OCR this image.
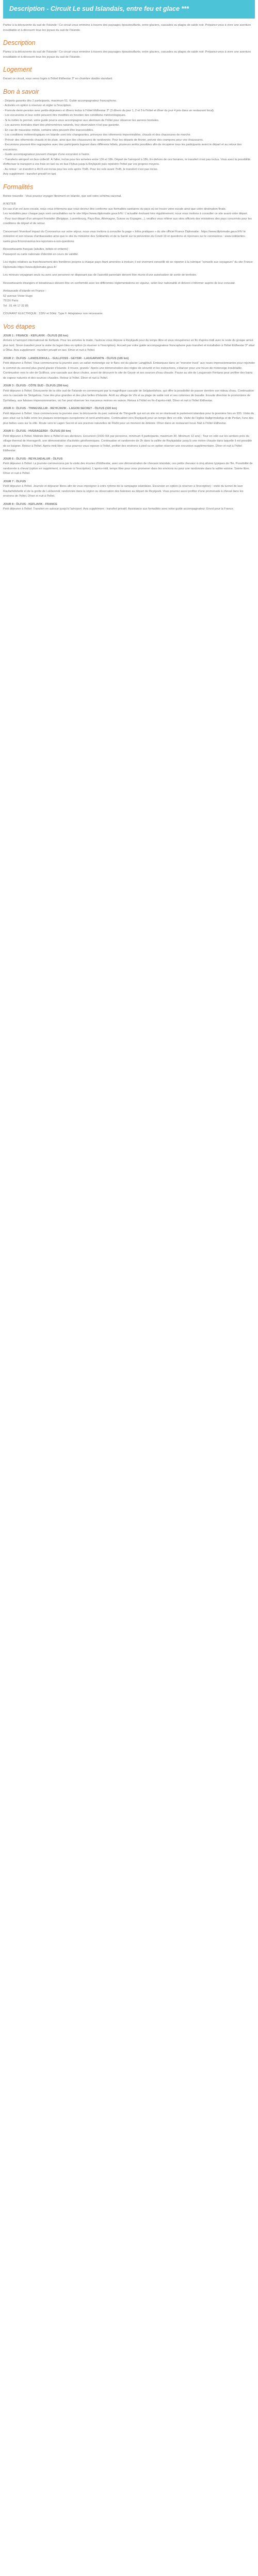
Description - Circuit Le sud Islandais, entre feu et glace ***

Partez à la découverte du sud de l'Islande ! Ce circuit vous emmène à travers des paysages époustouflants, entre glaciers, cascades ou plages de sable noir. Préparez-vous à vivre une aventure inoubliable et à découvrir tous les joyaux du sud de l'Islande.

Description

Partez à la découverte du sud de l'Islande ! Ce circuit vous emmène à travers des paysages époustouflants, entre glaciers, cascades ou plages de sable noir. Préparez-vous à vivre une aventure inoubliable et à découvrir tous les joyaux du sud de l'Islande.

Logement

Durant ce circuit, vous serez logés à l'hôtel Eldhestar 3* en chambre double standard.

Bon à savoir
- Départs garantis dès 2 participants, maximum 51. Guide accompagnateur francophone.
- Activités en option à réserver et régler à l'inscription.
- Formule demi-pension avec petits-déjeuners et dîners inclus à l'hôtel Eldhestar 3* (3 dîners du jour 1, 2 et 3 à l'hôtel et dîner du jour 4 pris dans un restaurant local).
- Les excursions et leur ordre peuvent être modifiés en fonction des conditions météorologiques.
- Si la météo le permet, votre guide pourra vous accompagner aux alentours de l'hôtel pour observer les aurores boréales.
- Les aurores boréales étant des phénomènes naturels, leur observation n'est pas garantie.
- En cas de mauvaise météo, certains sites peuvent être inaccessibles.
- Les conditions météorologiques en Islande sont très changeantes, prévoyez des vêtements imperméables, chauds et des chaussures de marche.
- Prévoir des vêtements chauds et de pluie, ainsi que des chaussures de randonnée. Pour les départs de février, prévoir des crampons pour vos chaussures.
- Excursions pouvant être regroupées avec des participants logeant dans différents hôtels, plusieurs arrêts possibles afin de récupérer tous les participants avant le départ et au retour des excursions.
- Guide accompagnateur pouvant changer d'une excursion à l'autre.
- Transferts aéroport en bus collectif. À l'aller, inclus pour les arrivées entre 13h et 18h. Départ de l'aéroport à 18h. En dehors de ces horaires, le transfert n'est pas inclus. Vous avez la possibilité d'effectuer le transport à vos frais en taxi ou en bus Flybus jusqu'à Reykjavik puis rejoindre l'hôtel par vos propres moyens.
- Au retour : un transfert à 4h15 est inclus pour les vols après 7h45. Pour les vols avant 7h45, le transfert n'est pas inclus.
Avis supplément : transfert privatif en taxi.
Formalités

Bonne nouvelle : Vous pouvez voyager librement en Islande, que soit votre schéma vaccinal.

A NOTER
En cas d'un vol avec escale, nous vous informons que vous devrez être conforme aux formalités sanitaires du pays où se trouve votre escale ainsi que votre destination finale.
Les modalités pour chaque pays sont consultables sur le site https://www.diplomatie.gouv.fr/fr/. L'actualité évoluant très régulièrement, nous vous invitons à consulter ce site avant votre départ.
- Pour tout départ d'un aéroport frontalier (Belgique, Luxembourg, Pays-Bas, Allemagne, Suisse ou Espagne...), veuillez vous référer aux sites officiels des ministères des pays concernés pour les conditions de départ et de retour.

Concernant l'éventuel impact du Coronavirus sur votre séjour, nous vous invitons à consulter la page « Infos pratiques » du site officiel France Diplomatie : https://www.diplomatie.gouv.fr/fr/ le ministère et son réseau d'ambassades ainsi que le site du ministère des Solidarités et de la Santé sur la prévention du Covid-19 et questions et réponses sur le coronavirus : www.solidarites-sante.gouv.fr/coronavirus-les-reponses-a-vos-questions

Ressortissants français (adultes, bébés et enfants) :
Passeport ou carte nationale d'identité en cours de validité.

Les règles relatives au franchissement des frontières propres à chaque pays étant amenées à évoluer, il est vivement conseillé de se reporter à la rubrique "conseils aux voyageurs" du site France Diplomatie.https://www.diplomatie.gouv.fr/

Les mineurs voyageant seuls ou avec une personne ne disposant pas de l'autorité parentale doivent être munis d'une autorisation de sortie de territoire.

Ressortissants étrangers et binationaux doivent être en conformité avec les différentes réglementations en vigueur, selon leur nationalité et doivent s'informer auprès de leur consulat.

Ambassade d'Islande en France :
52 avenue Victor Hugo
75116 Paris
Tel : 01 44 17 32 85

COURANT ÉLECTRIQUE : 230V et 50Hz. Type F. Adaptateur non nécessaire.

Vos étapes

JOUR 1 : FRANCE - KEFLAVIK - ÖLFUS (95 km)
Arrivée à l'aéroport international de Keflavik. Pour les arrivées le matin, l'autocar vous dépose à Reykjavik pour du temps libre et vous récupérerez en fin d'après-midi avec le reste du groupe arrivé plus tard. Sinon transfert pour la visite du lagon bleu en option (à réserver à l'inscription). Accueil par votre guide accompagnateur francophone puis transfert et installation à l'hôtel Eldhestar 3* situé à Ölfus. Avis supplément : transfert privatif en taxi. Dîner et nuit à l'hôtel.

JOUR 2 : ÖLFUS - LANDSJOKULL - GULLFOSS - GEYSIR - LAUGARVATN - ÖLFUS (165 km)
Petit déjeuner à l'hôtel. Vous commencerez la journée avec un safari motoneige sur le flanc est du glacier Langjökull. Embarquez dans un "monster truck" aux roues impressionnantes pour rejoindre le sommet du second plus grand glacier d'Islande. Il trouve, grands ! Après une démonstration des règles de sécurité et les instructions, s'élancer pour une heure de motoneige inoubliable. Continuation vers le site de Gullfoss, une cascade aux deux chutes, avant de découvrir le site de Geysir et ses sources d'eau chaude. Pause au site de Laugarvatn Fontana pour profiter des bains de vapeur naturels et des sources chaudes. Retour à l'hôtel. Dîner et nuit à l'hôtel.

JOUR 3 : ÖLFUS - CÔTE SUD - ÖLFUS (290 km)
Petit déjeuner à l'hôtel. Découverte de la côte sud de l'Islande en commençant par la magnifique cascade de Seljalandsfoss, qui offre la possibilité de passer derrière son rideau d'eau. Continuation vers la cascade de Skógafoss, l'une des plus grandes et des plus belles d'Islande. Arrêt au village de Vík et sa plage de sable noir et ses colonnes de basalte. Ensuite direction le promontoire de Dyrhólaey, aux falaises impressionnantes, où l'on peut observer les macareux moines en saison. Retour à l'hôtel en fin d'après-midi. Dîner et nuit à l'hôtel Eldhestar.

JOUR 4 : ÖLFUS - THINGVELLIR - REYKJAVIK - LAGON SECRET - ÖLFUS (320 km)
Petit déjeuner à l'hôtel. Vous commencerez la journée avec la découverte du parc national de Thingvellir qui est un site où se réunissait le parlement islandais pour la première fois en 930. Visite du parc situé sur la faille entre les plaques tectoniques européenne et nord-américaine. Continuation vers Reykjavik pour un temps libre en ville. Visite de l'église Hallgrímskirkja et de Perlan, l'une des plus belles vues sur la ville. Route vers le Lagon Secret et ses piscines naturelles de Flúðir pour un moment de détente. Dîner dans un restaurant local. Nuit à l'hôtel Eldhestar.

JOUR 5 : ÖLFUS - HVERAGERDI - ÖLFUS (50 km)
Petit déjeuner à l'hôtel. Matinée libre à l'hôtel et ses alentours. Excursion (1500 ISK par personne, minimum 4 participants, maximum 30. Minimum 12 ans) : Tour en vélo sur les sentiers près du village thermal de Hveragerði, une démonstration d'activités géothermiques. Continuation et randonnée de 2h dans la vallée de Reykjadalur jusqu'à une rivière chaude dans laquelle il est possible de se baigner. Retour à l'hôtel. Après-midi libre : vous pourrez vous reposer à l'hôtel, profiter des environs à pied ou en option réserver une excursion supplémentaire. Dîner et nuit à l'hôtel Eldhestar.

JOUR 6 : ÖLFUS - REYKJADALUR - ÖLFUS
Petit déjeuner à l'hôtel. La journée commencera par la visite des écuries d'Eldhestar, avec une démonstration de chevaux islandais, ces petits chevaux à cinq allures typiques de l'île. Possibilité de randonnée à cheval (option en supplément, à réserver à l'inscription). L'après-midi, temps libre pour vous promener dans les environs ou pour une randonnée dans la vallée voisine. Soirée libre. Dîner et nuit à l'hôtel.

JOUR 7 : ÖLFUS
Petit déjeuner à l'hôtel. Journée et déjeuner libres afin de vous imprégner à votre rythme de la campagne islandaise. Excursion en option (à réserver à l'inscription) : visite du tunnel de lave Raufarhólshellir et de la grotte de Leidarendi, randonnée dans la région ou observation des baleines au départ de Reykjavik. Vous pourrez aussi profiter d'une promenade à cheval dans les environs de l'hôtel. Dîner et nuit à l'hôtel.

JOUR 8 : ÖLFUS - KEFLAVIK - FRANCE
Petit déjeuner à l'hôtel. Transfert en autocar jusqu'à l'aéroport. Avis supplément : transfert privatif. Assistance aux formalités avec votre guide accompagnateur. Envol pour la France.
